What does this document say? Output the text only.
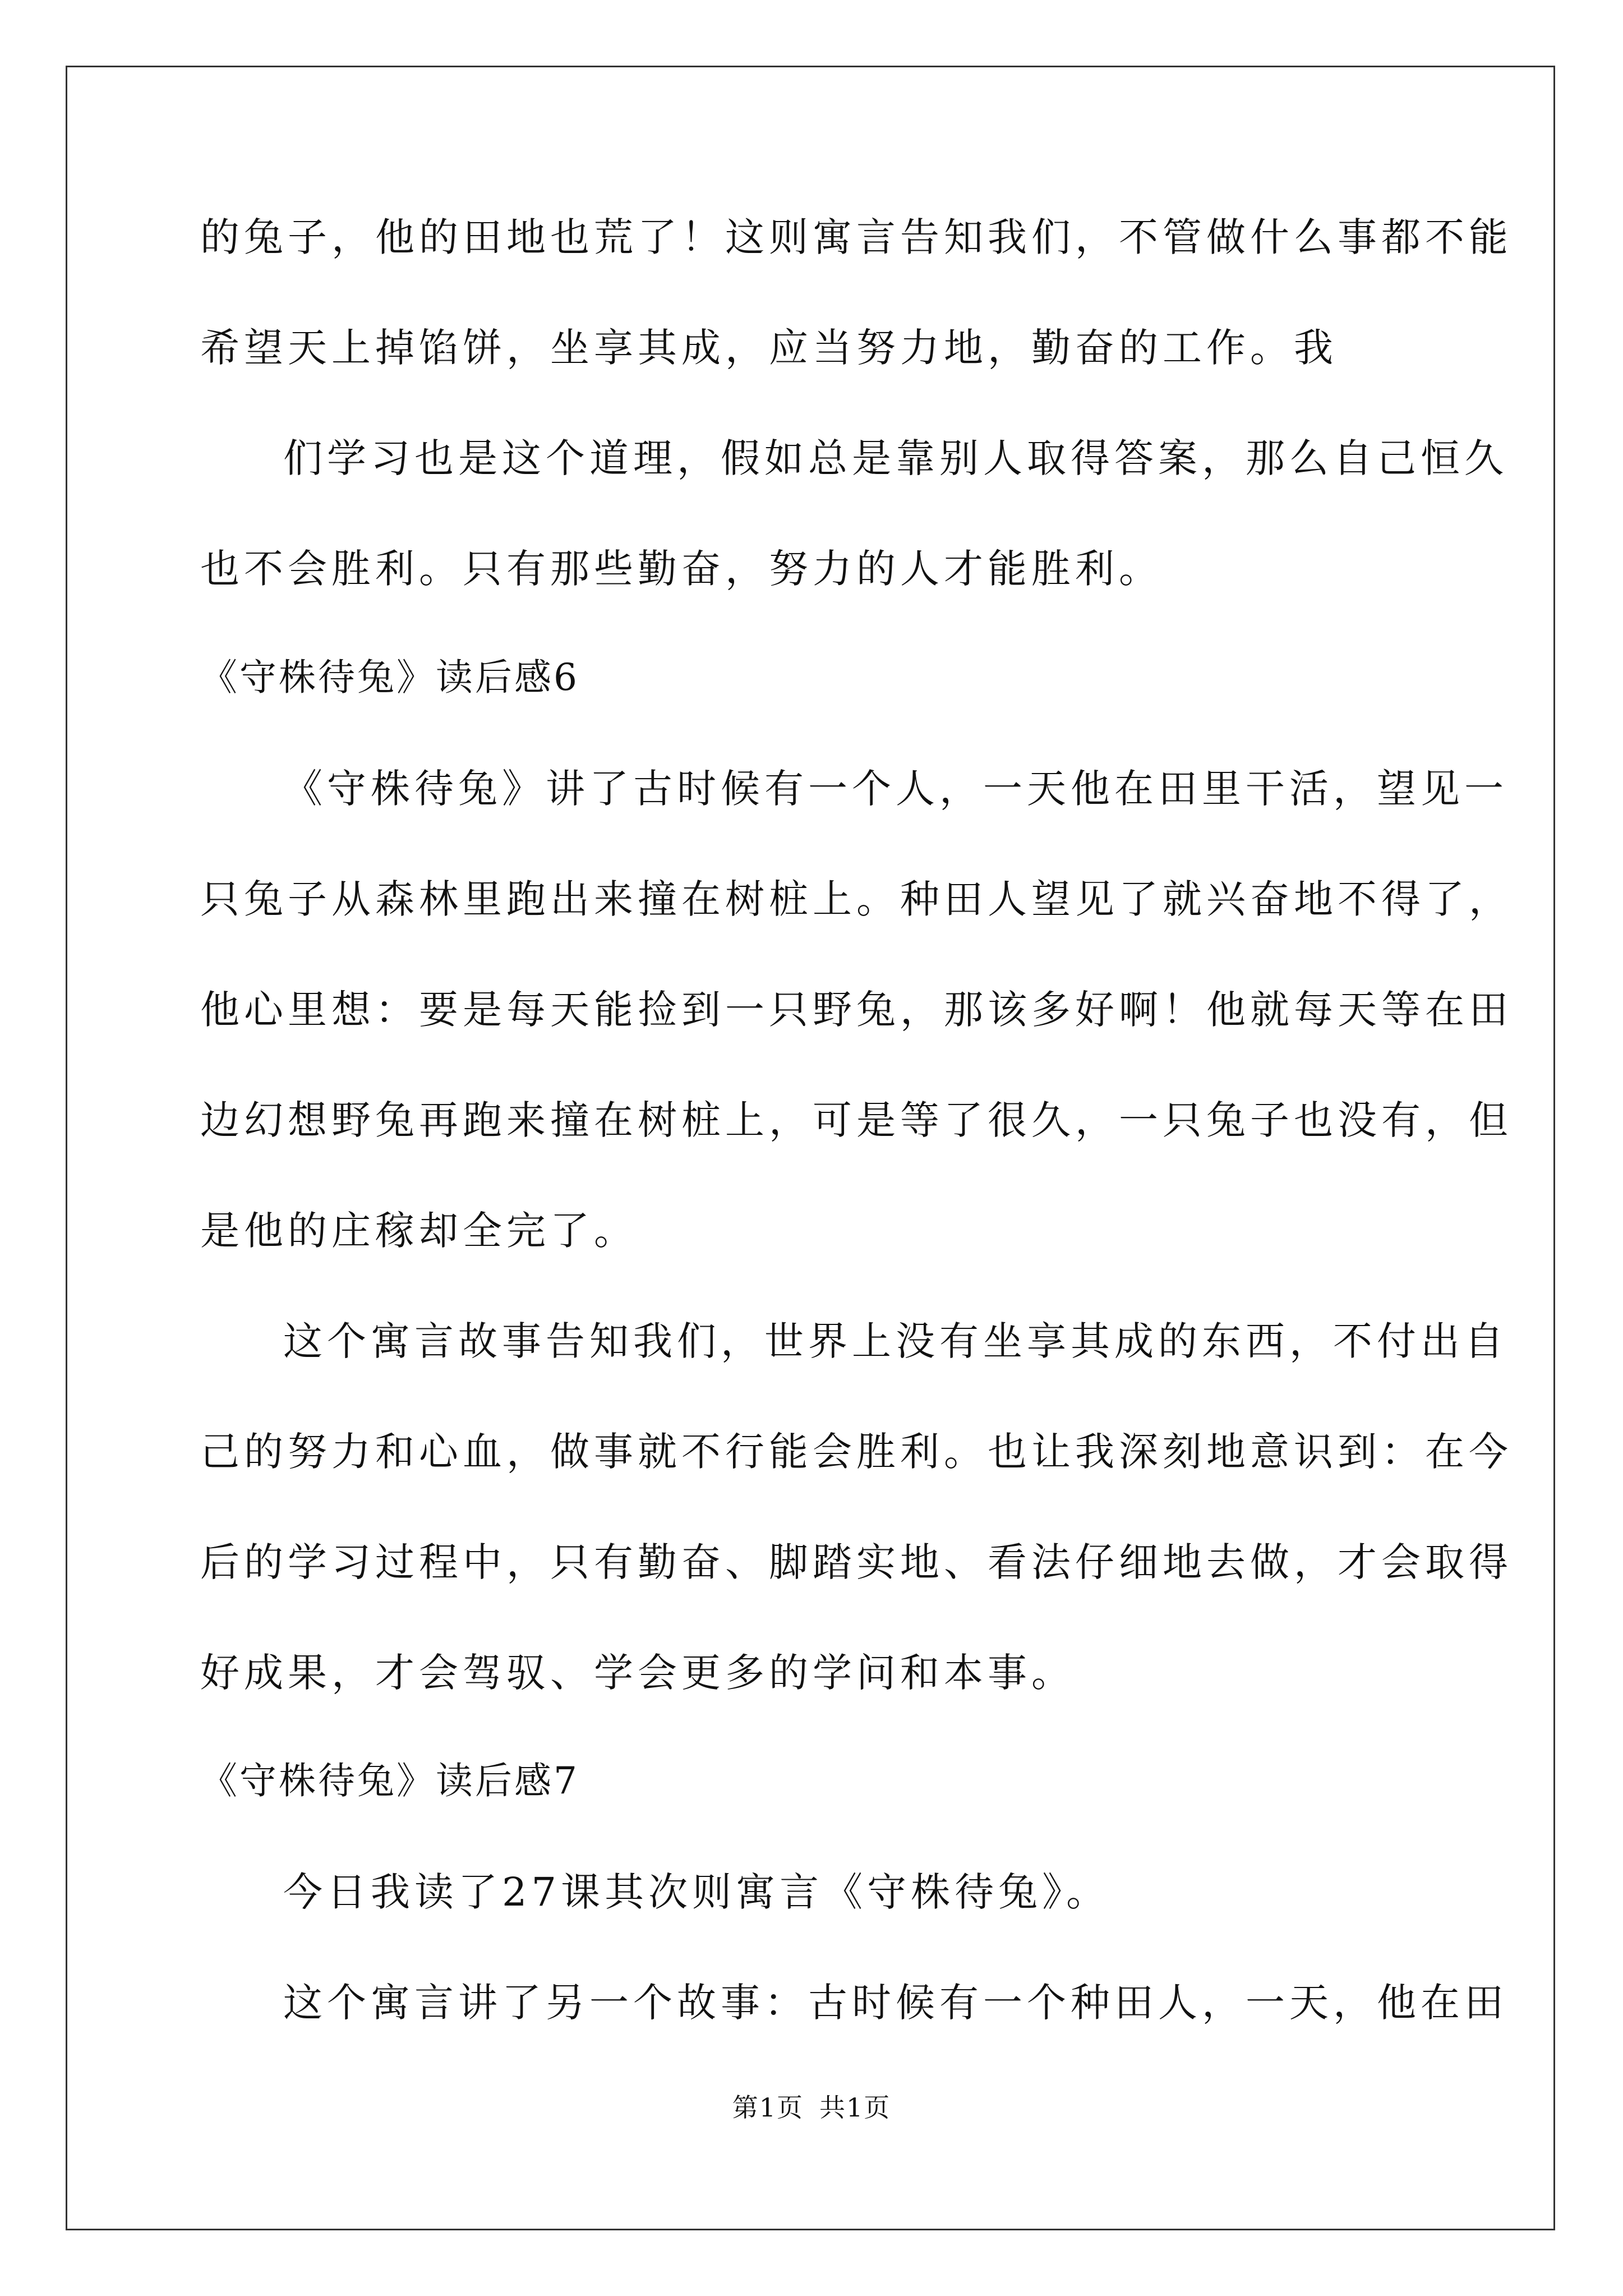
的兔子，他的田地也荒了！这则寓言告知我们，不管做什么事都不能
希望天上掉馅饼，坐享其成，应当努力地，勤奋的工作。我
们学习也是这个道理，假如总是靠别人取得答案，那么自己恒久
也不会胜利。只有那些勤奋，努力的人才能胜利。
《守株待兔》读后感6
《守株待兔》讲了古时候有一个人，一天他在田里干活，望见一
只兔子从森林里跑出来撞在树桩上。种田人望见了就兴奋地不得了，
他心里想：要是每天能捡到一只野兔，那该多好啊！他就每天等在田
边幻想野兔再跑来撞在树桩上，可是等了很久，一只兔子也没有，但
是他的庄稼却全完了。
这个寓言故事告知我们，世界上没有坐享其成的东西，不付出自
己的努力和心血，做事就不行能会胜利。也让我深刻地意识到：在今
后的学习过程中，只有勤奋、脚踏实地、看法仔细地去做，才会取得
好成果，才会驾驭、学会更多的学问和本事。
《守株待兔》读后感7
今日我读了27课其次则寓言《守株待兔》。
这个寓言讲了另一个故事：古时候有一个种田人，一天，他在田
第1页 共1页
